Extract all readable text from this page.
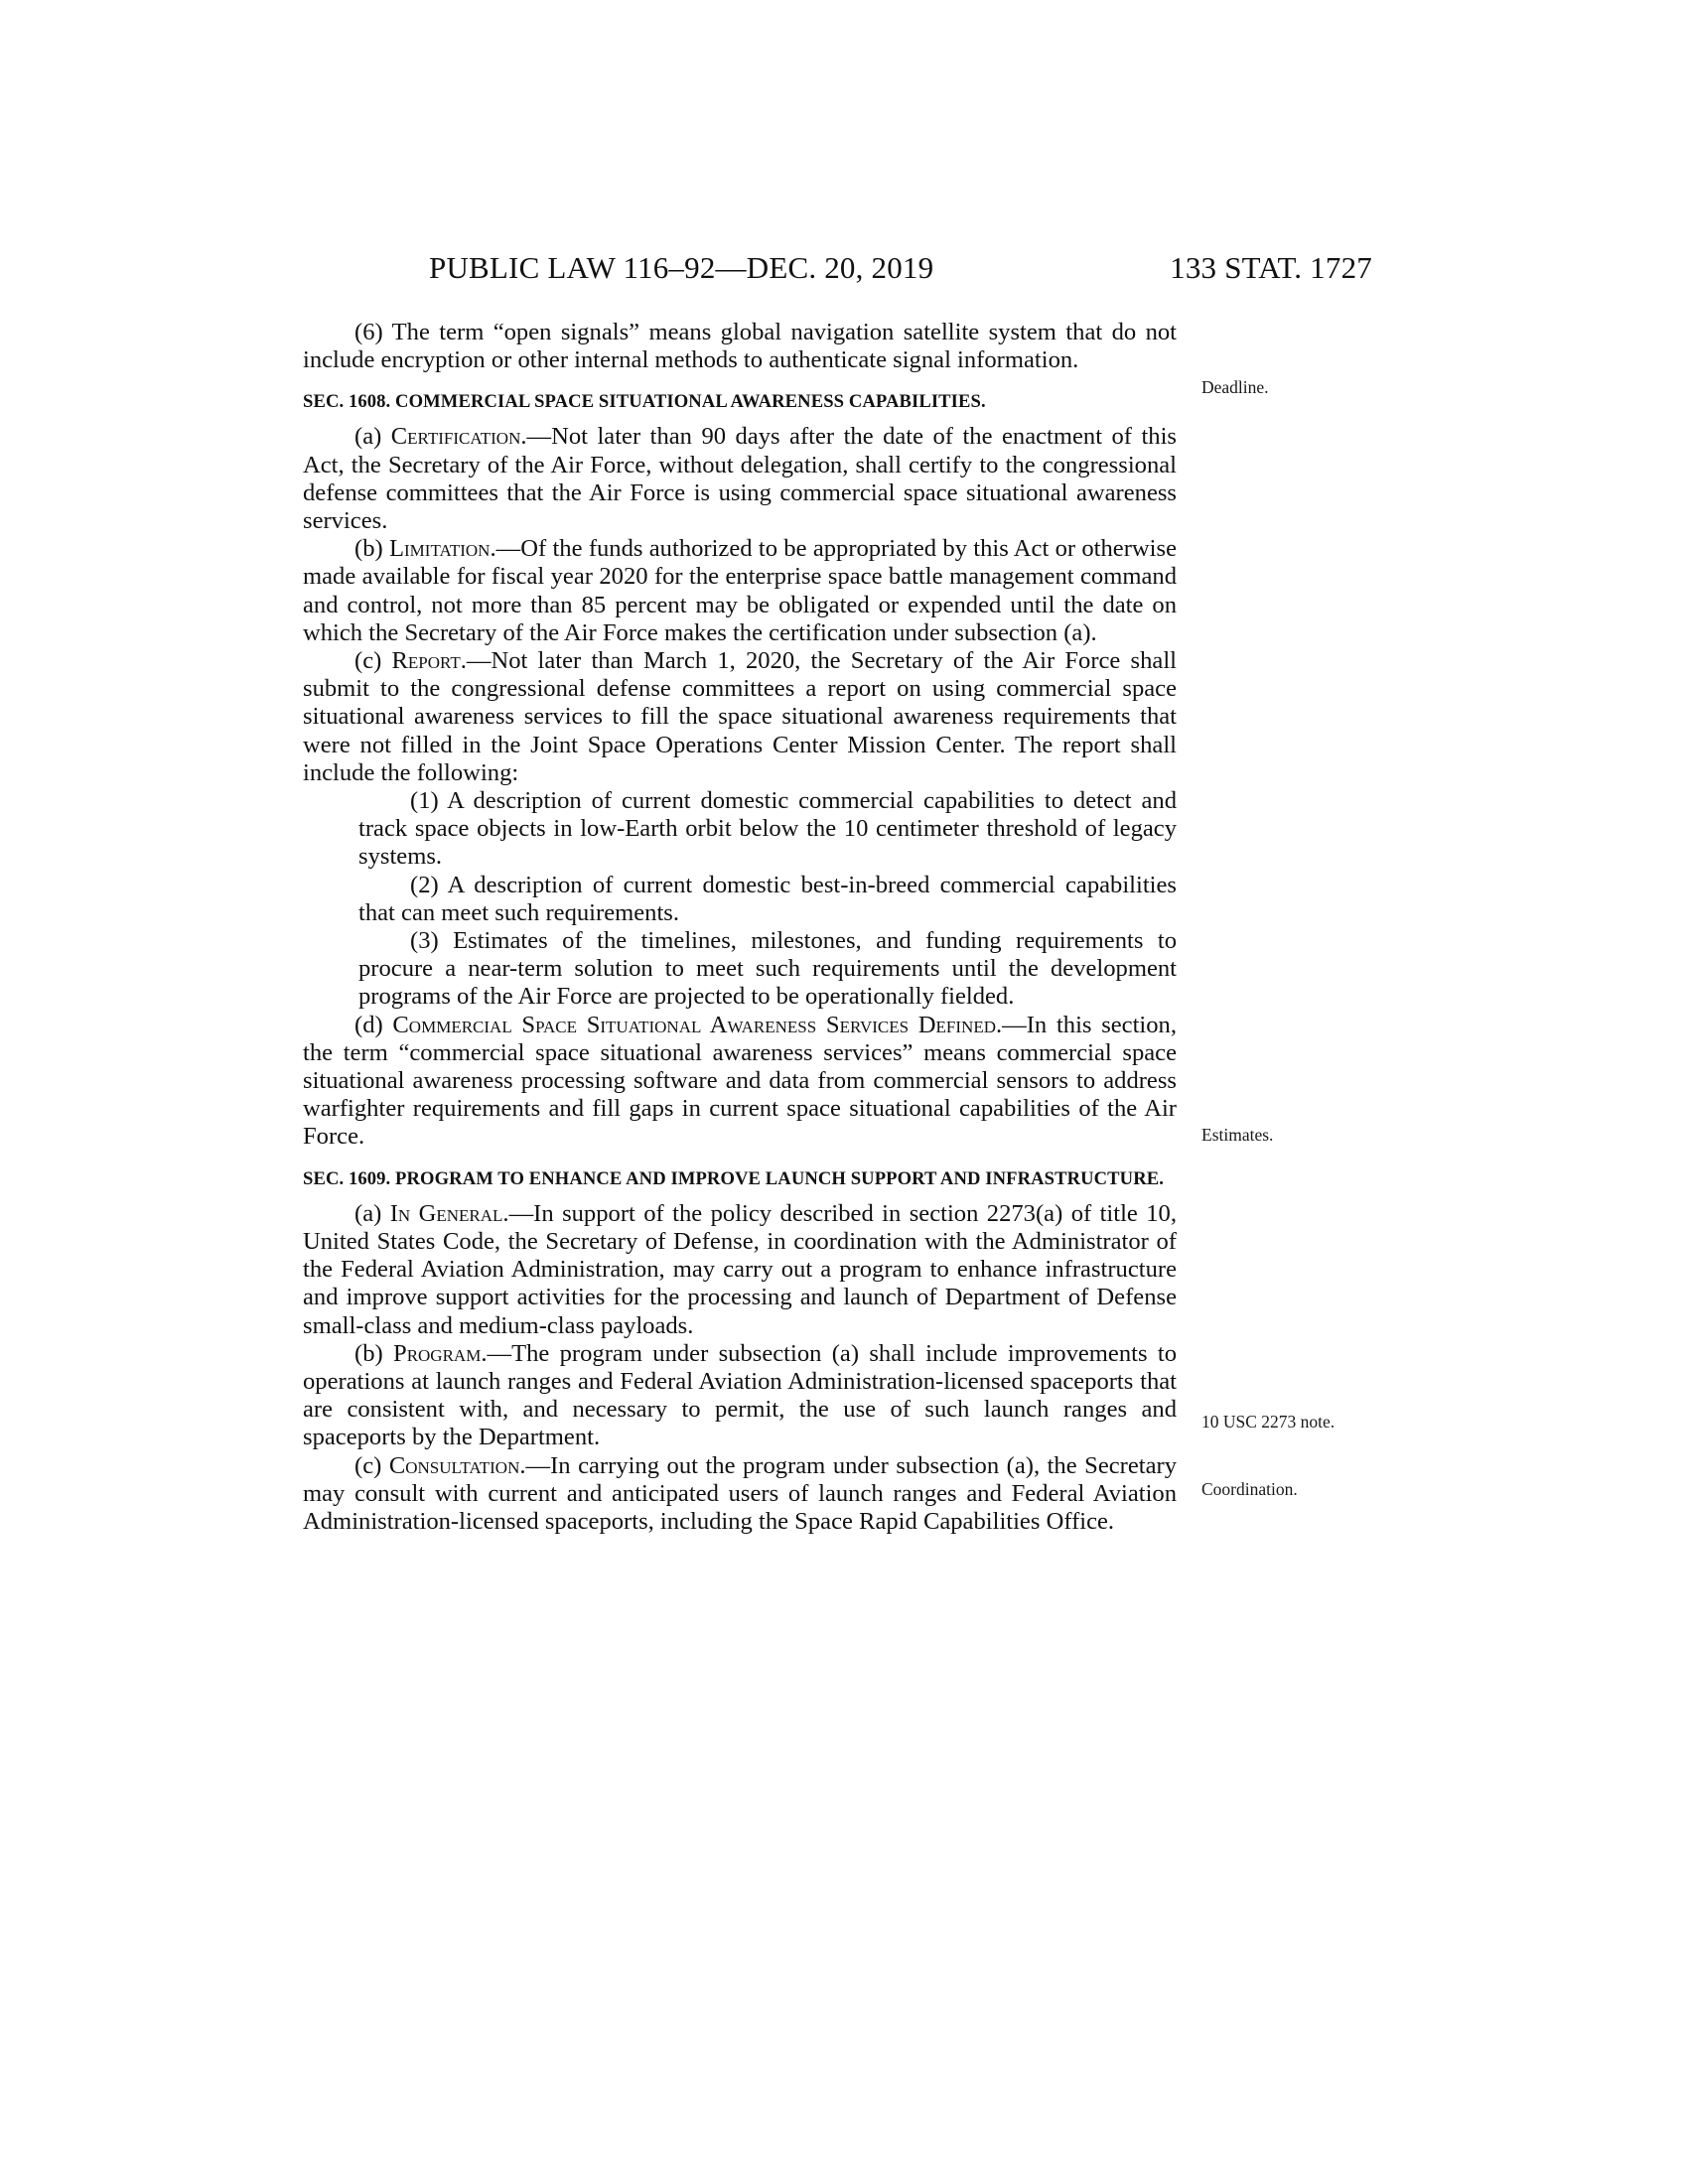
PUBLIC LAW 116–92—DEC. 20, 2019	133 STAT. 1727

(6) The term “open signals” means global navigation satellite system that do not include encryption or other internal methods to authenticate signal information.

SEC. 1608. COMMERCIAL SPACE SITUATIONAL AWARENESS CAPABILITIES.

(a) Certification.—Not later than 90 days after the date of the enactment of this Act, the Secretary of the Air Force, without delegation, shall certify to the congressional defense committees that the Air Force is using commercial space situational awareness services.

(b) Limitation.—Of the funds authorized to be appropriated by this Act or otherwise made available for fiscal year 2020 for the enterprise space battle management command and control, not more than 85 percent may be obligated or expended until the date on which the Secretary of the Air Force makes the certification under subsection (a).

(c) Report.—Not later than March 1, 2020, the Secretary of the Air Force shall submit to the congressional defense committees a report on using commercial space situational awareness services to fill the space situational awareness requirements that were not filled in the Joint Space Operations Center Mission Center. The report shall include the following:

(1) A description of current domestic commercial capabilities to detect and track space objects in low-Earth orbit below the 10 centimeter threshold of legacy systems.

(2) A description of current domestic best-in-breed commercial capabilities that can meet such requirements.

(3) Estimates of the timelines, milestones, and funding requirements to procure a near-term solution to meet such requirements until the development programs of the Air Force are projected to be operationally fielded.

(d) Commercial Space Situational Awareness Services Defined.—In this section, the term “commercial space situational awareness services” means commercial space situational awareness processing software and data from commercial sensors to address warfighter requirements and fill gaps in current space situational capabilities of the Air Force.

SEC. 1609. PROGRAM TO ENHANCE AND IMPROVE LAUNCH SUPPORT AND INFRASTRUCTURE.

(a) In General.—In support of the policy described in section 2273(a) of title 10, United States Code, the Secretary of Defense, in coordination with the Administrator of the Federal Aviation Administration, may carry out a program to enhance infrastructure and improve support activities for the processing and launch of Department of Defense small-class and medium-class payloads.

(b) Program.—The program under subsection (a) shall include improvements to operations at launch ranges and Federal Aviation Administration-licensed spaceports that are consistent with, and necessary to permit, the use of such launch ranges and spaceports by the Department.

(c) Consultation.—In carrying out the program under subsection (a), the Secretary may consult with current and anticipated users of launch ranges and Federal Aviation Administration-licensed spaceports, including the Space Rapid Capabilities Office.

Deadline.
Estimates.
10 USC 2273 note.
Coordination.
